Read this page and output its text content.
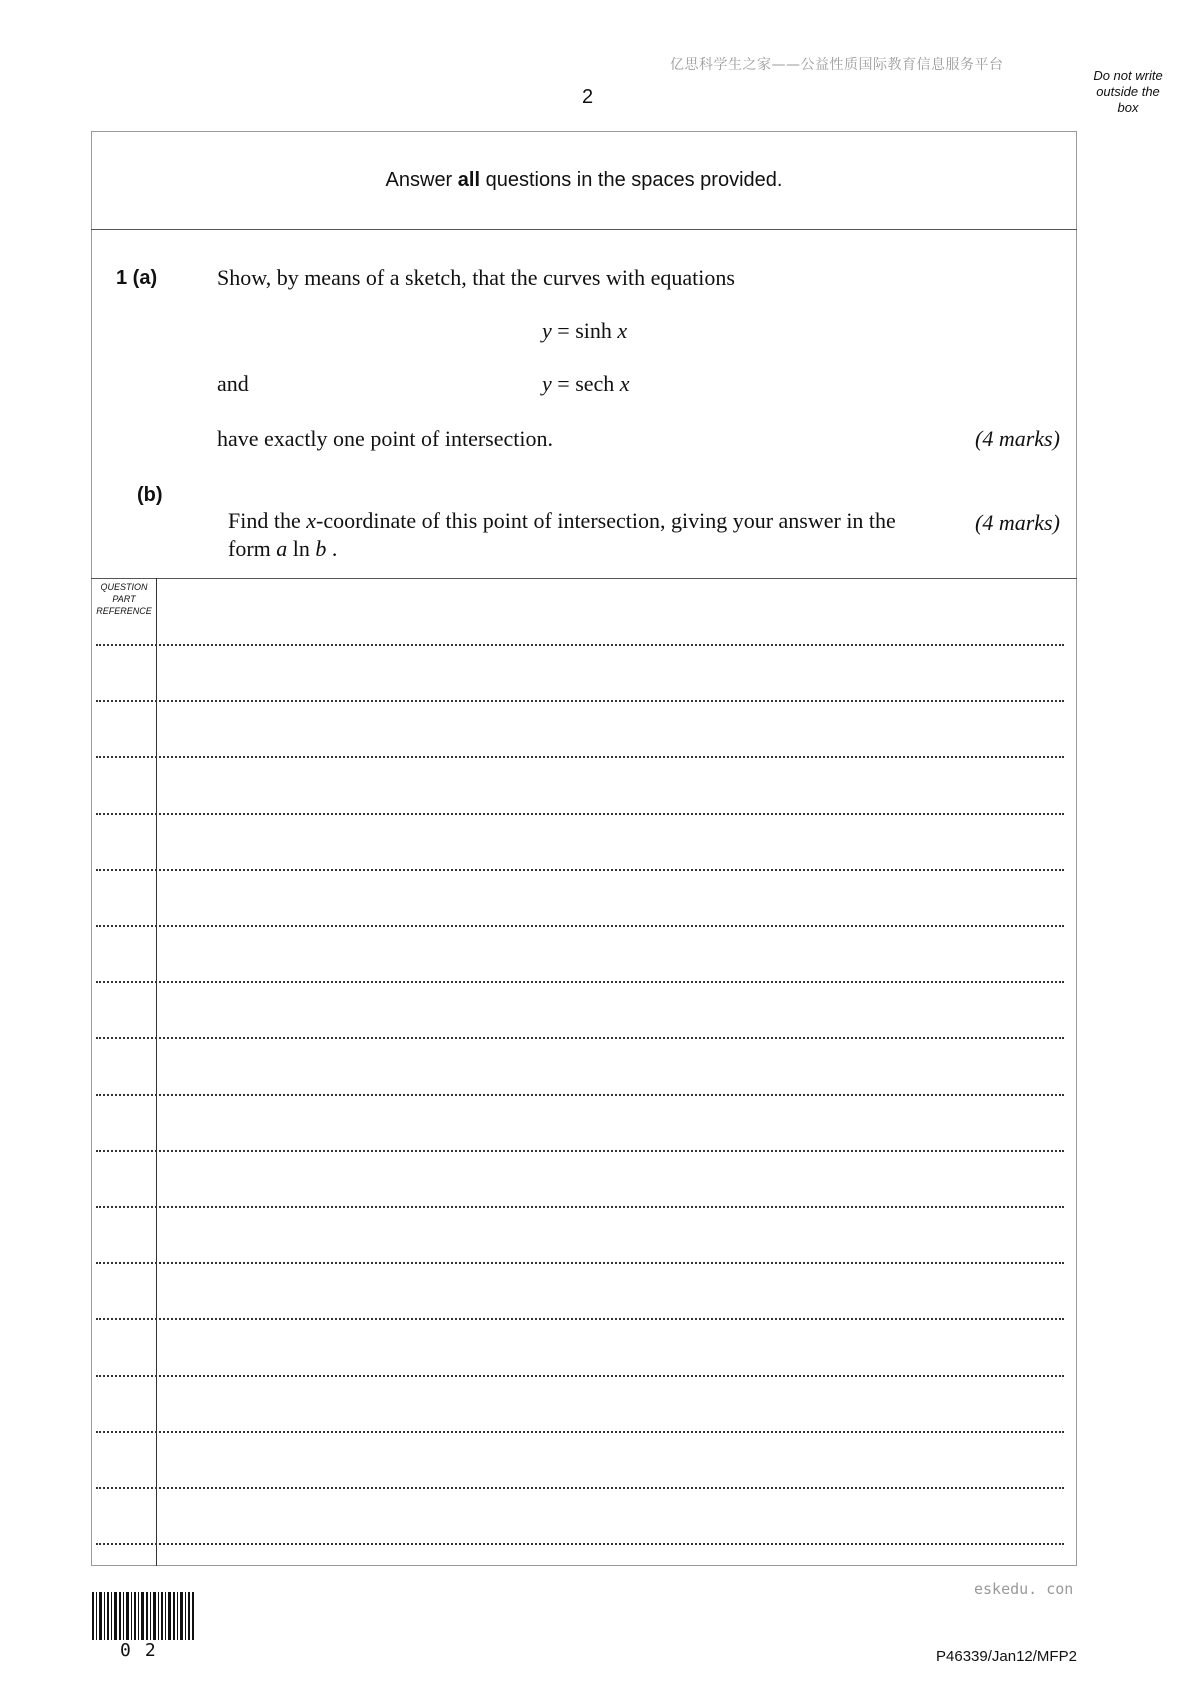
亿思科学生之家——公益性质国际教育信息服务平台
2
Do not write
outside the
box
Answer all questions in the spaces provided.
1 (a)	Show, by means of a sketch, that the curves with equations
y = sinh x
and	y = sech x
have exactly one point of intersection.	(4 marks)
(b)

Find the x-coordinate of this point of intersection, giving your answer in the

form a ln b .

(4 marks)
QUESTION
PART
REFERENCE
eskedu. con
02	P46339/Jan12/MFP2
